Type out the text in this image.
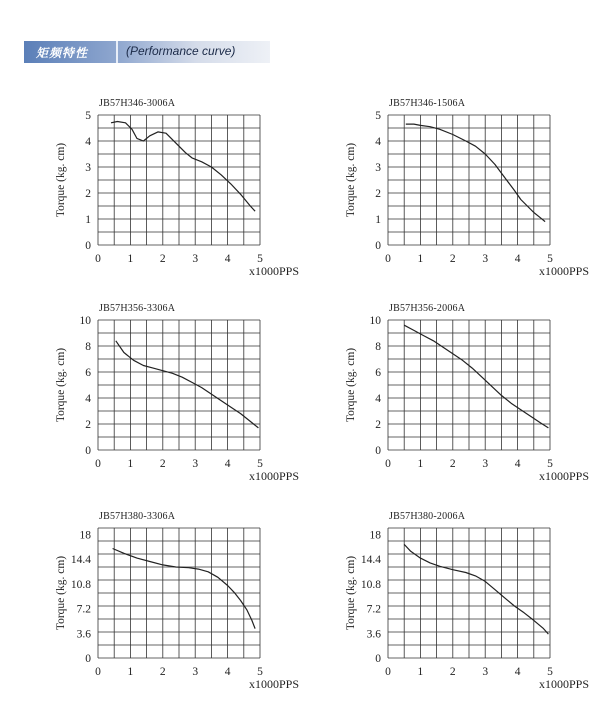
矩频特性	(Performance curve)
JB57H346-3006A
Torque (kg. cm)
0 1 2 3 4 5
0
1
2
3
4
5
x1000PPS
JB57H346-1506A
Torque (kg. cm)
0 1 2 3 4 5
0
1
2
3
4
5
x1000PPS
JB57H356-3306A
Torque (kg. cm)
0 1 2 3 4 5
0
2
4
6
8
10
x1000PPS
JB57H356-2006A
Torque (kg. cm)
0 1 2 3 4 5
0
2
4
6
8
10
x1000PPS
JB57H380-3306A
Torque (kg. cm)
0 1 2 3 4 5
0
3.6
7.2
10.8
14.4
18
x1000PPS
JB57H380-2006A
Torque (kg. cm)
0 1 2 3 4 5
0
3.6
7.2
10.8
14.4
18
x1000PPS
